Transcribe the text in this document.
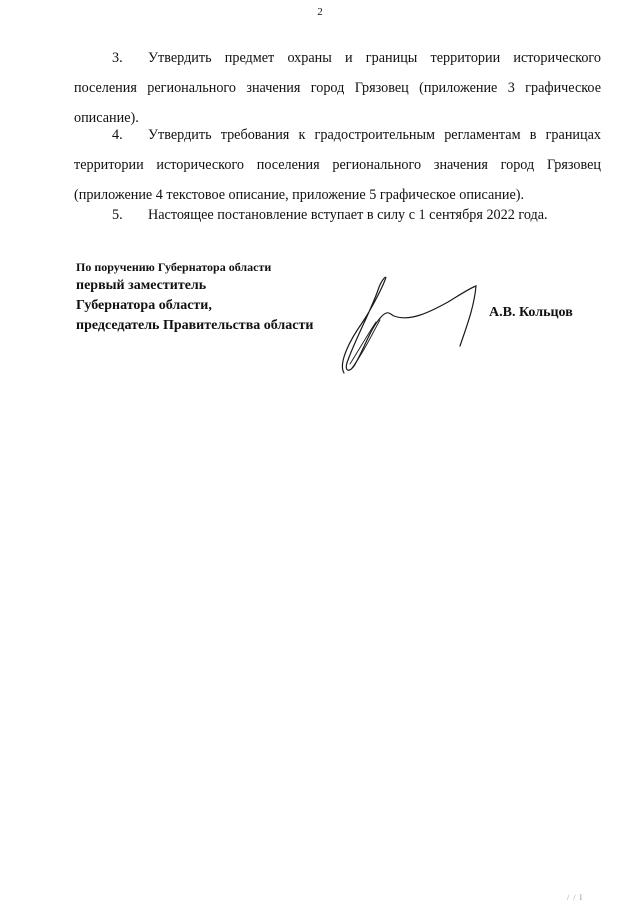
2
3. Утвердить предмет охраны и границы территории исторического поселения регионального значения город Грязовец (приложение 3 графическое описание).
4. Утвердить требования к градостроительным регламентам в границах территории исторического поселения регионального значения город Грязовец (приложение 4 текстовое описание, приложение 5 графическое описание).
5. Настоящее постановление вступает в силу с 1 сентября 2022 года.
По поручению Губернатора области
первый заместитель
Губернатора области,
председатель Правительства области
А.В. Кольцов
/ / I
